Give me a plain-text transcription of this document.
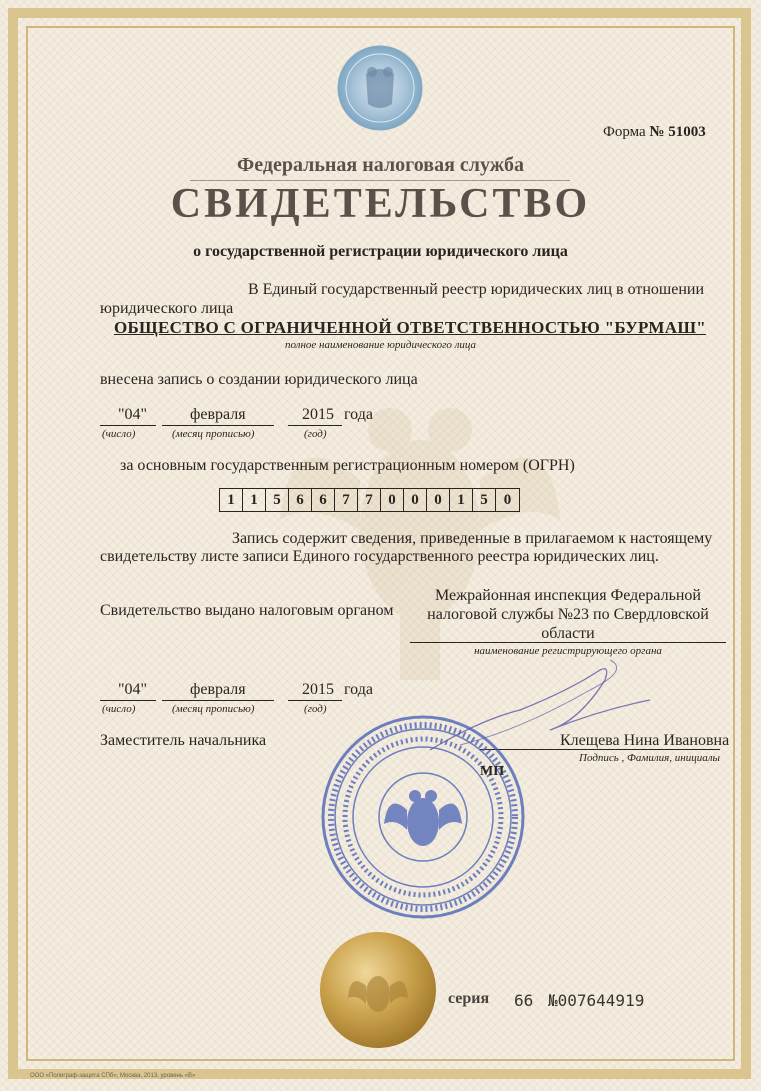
Форма № 51003
Федеральная налоговая служба
СВИДЕТЕЛЬСТВО
о государственной регистрации юридического лица
В Единый государственный реестр юридических лиц в отношении
юридического лица
ОБЩЕСТВО С ОГРАНИЧЕННОЙ ОТВЕТСТВЕННОСТЬЮ "БУРМАШ"
полное наименование юридического лица
внесена запись о создании юридического лица
"04"	февраля	2015 года
(число)	(месяц прописью)	(год)
за основным государственным регистрационным номером (ОГРН)
1	1	5	6	6	7	7	0	0	0	1	5	0
Запись содержит сведения, приведенные в прилагаемом к настоящему
свидетельству листе записи Единого государственного реестра юридических лиц.
Свидетельство выдано налоговым органом
Межрайонная инспекция Федеральной
налоговой службы №23 по Свердловской
области
наименование регистрирующего органа
"04"	февраля	2015 года
(число)	(месяц прописью)	(год)
Заместитель начальника	Клещева Нина Ивановна
Подпись , Фамилия, инициалы
МП
серия 66 №007644919
ООО «Полиграф-защита СПб», Москва, 2013, уровень «В»
